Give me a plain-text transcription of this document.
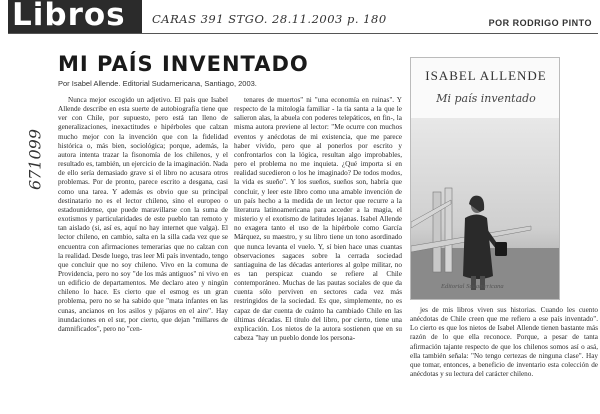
Libros CARAS 391 STGO. 28.11.2003 p. 180	POR RODRIGO PINTO
671099
MI PAÍS INVENTADO
Por Isabel Allende. Editorial Sudamericana, Santiago, 2003.

Nunca mejor escogido un adjetivo. El país que Isabel Allende describe en esta suerte de autobiografía tiene que ver con Chile, por supuesto, pero está tan lleno de generalizaciones, inexactitudes e hipérboles que calzan mucho mejor con la invención que con la fidelidad histórica o, más bien, sociológica; porque, además, la autora intenta trazar la fisonomía de los chilenos, y el resultado es, también, un ejercicio de la imaginación. Nada de ello sería demasiado grave si el libro no acusara otros problemas. Por de pronto, parece escrito a desgana, casi como una tarea. Y además es obvio que su principal destinatario no es el lector chileno, sino el europeo o estadounidense, que puede maravillarse con la suma de exotismos y particularidades de este pueblo tan remoto y tan aislado (si, así es, aquí no hay internet que valga). El lector chileno, en cambio, salta en la silla cada vez que se encuentra con afirmaciones temerarias que no calzan con la realidad. Desde luego, tras leer Mi país inventado, tengo que concluir que no soy chileno. Vivo en la comuna de Providencia, pero no soy "de los más antiguos" ni vivo en un edificio de departamentos. Me declaro ateo y ningún chileno lo hace. Es cierto que el esmog es un gran problema, pero no se ha sabido que "mata infantes en las cunas, ancianos en los asilos y pájaros en el aire". Hay inundaciones en el sur, por cierto, que dejan "millares de damnificados", pero no "cen-

tenares de muertos" ni "una economía en ruinas". Y respecto de la mitología familiar - la tía santa a la que le salieron alas, la abuela con poderes telepáticos, en fin-, la misma autora previene al lector: "Me ocurre con muchos eventos y anécdotas de mi existencia, que me parece haber vivido, pero que al ponerlos por escrito y confrontarlos con la lógica, resultan algo improbables, pero el problema no me inquieta. ¿Qué importa si en realidad sucedieron o los he imaginado? De todos modos, la vida es sueño". Y los sueños, sueños son, habría que concluir, y leer este libro como una amable invención de un país hecho a la medida de un lector que recurre a la literatura latinoamericana para acceder a la magia, el misterio y el exotismo de latitudes lejanas. Isabel Allende no exagera tanto el uso de la hipérbole como García Márquez, su maestro, y su libro tiene un tono asordinado que nunca levanta el vuelo. Y, sí bien hace unas cuantas observaciones sagaces sobre la cerrada sociedad santiaguina de las décadas anteriores al golpe militar, no es tan perspicaz cuando se refiere al Chile contemporáneo. Muchas de las pautas sociales de que da cuenta sólo perviven en sectores cada vez más restringidos de la sociedad. Es que, simplemente, no es capaz de dar cuenta de cuánto ha cambiado Chile en las últimas décadas. El título del libro, por cierto, tiene una explicación. Los nietos de la autora sostienen que en su cabeza "hay un pueblo donde los persona-

ISABEL ALLENDE
Mi país inventado
Editorial Sudamericana

jes de mis libros viven sus historias. Cuando les cuento anécdotas de Chile creen que me refiero a ese país inventado". Lo cierto es que los nietos de Isabel Allende tienen bastante más razón de lo que ella reconoce. Porque, a pesar de tanta afirmación tajante respecto de que los chilenos somos así o asá, ella también señala: "No tengo certezas de ninguna clase". Hay que tomar, entonces, a beneficio de inventario esta colección de anécdotas y su lectura del carácter chileno.
